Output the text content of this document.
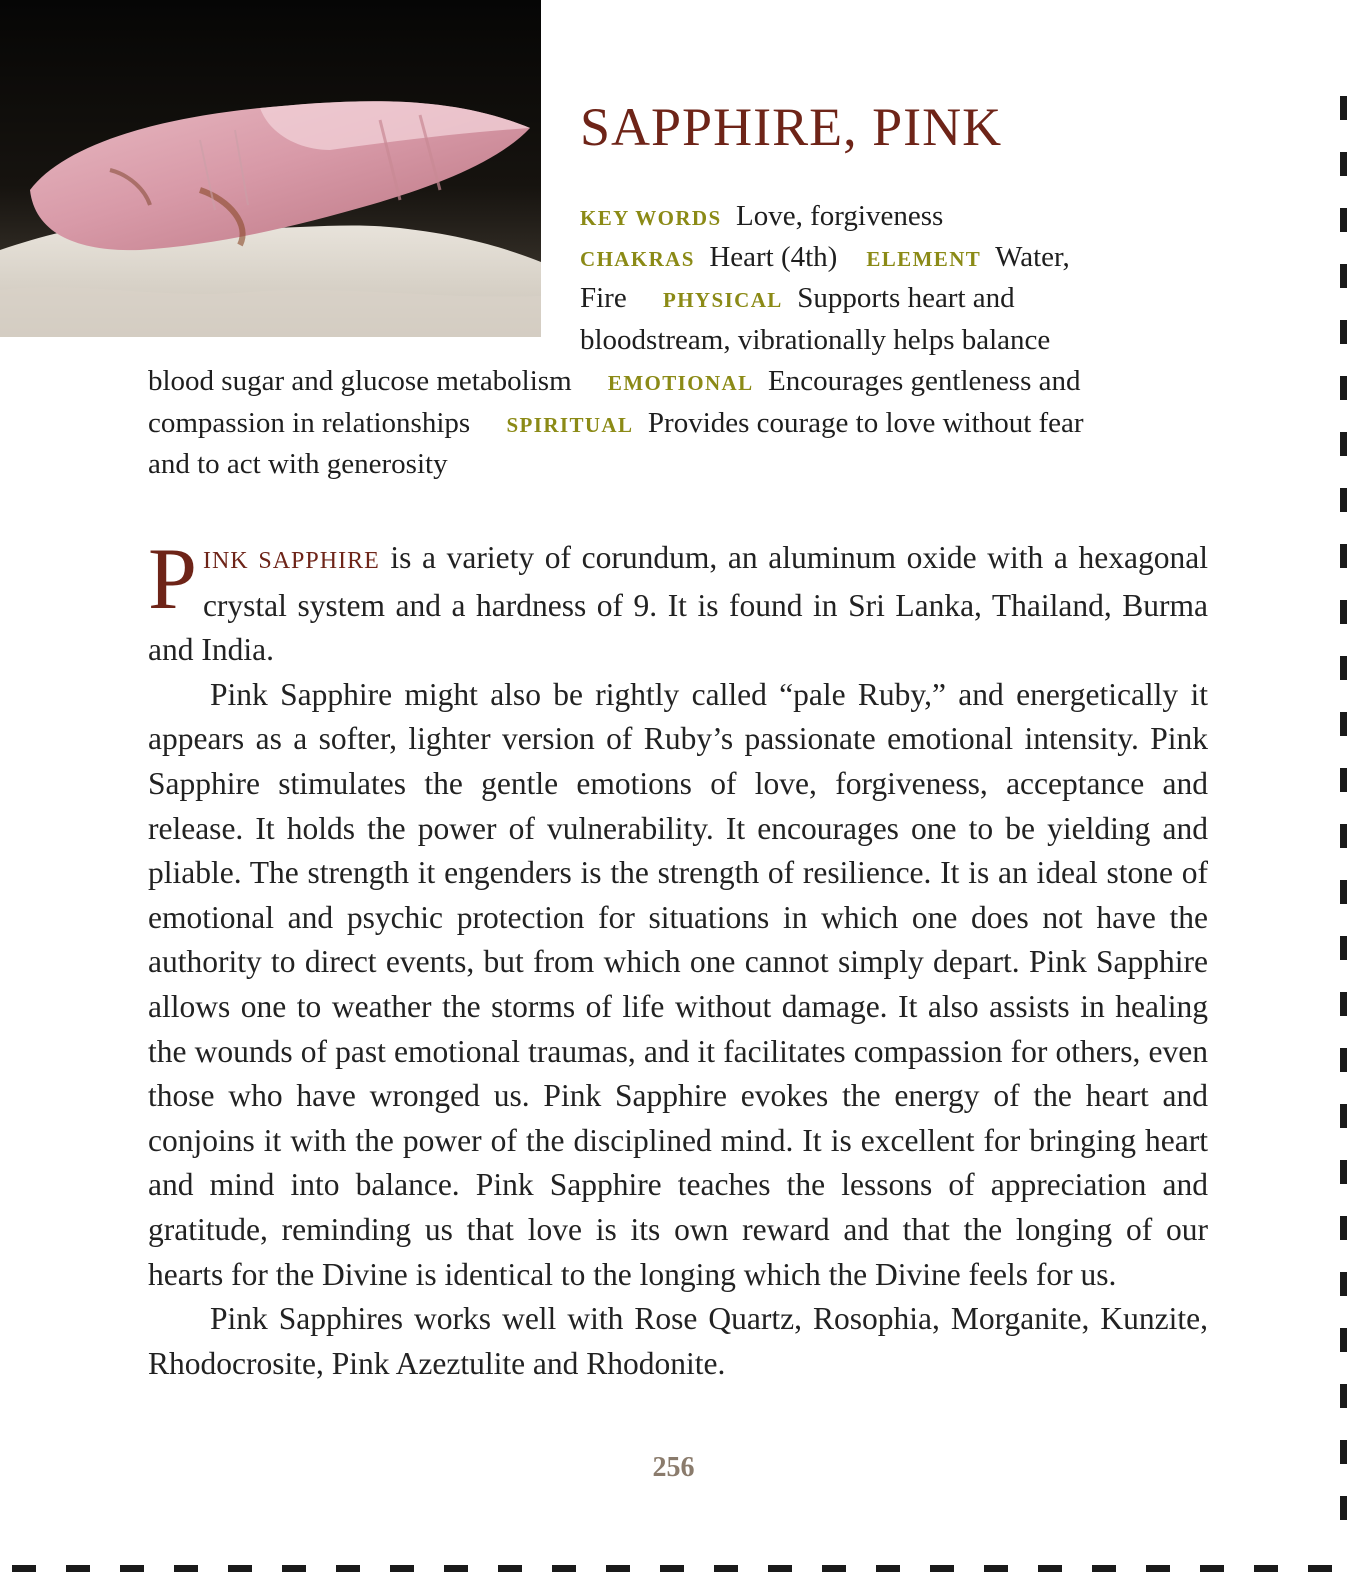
SAPPHIRE, PINK
KEY WORDS Love, forgiveness
CHAKRAS Heart (4th) ELEMENT Water,
Fire PHYSICAL Supports heart and
bloodstream, vibrationally helps balance
blood sugar and glucose metabolism EMOTIONAL Encourages gentleness and
compassion in relationships SPIRITUAL Provides courage to love without fear
and to act with generosity

PINK SAPPHIRE is a variety of corundum, an aluminum oxide with a hexagonal crystal system and a hardness of 9. It is found in Sri Lanka, Thailand, Burma and India.

Pink Sapphire might also be rightly called “pale Ruby,” and energetically it appears as a softer, lighter version of Ruby’s passionate emotional intensity. Pink Sapphire stimulates the gentle emotions of love, forgiveness, acceptance and release. It holds the power of vulnerability. It encourages one to be yielding and pliable. The strength it engenders is the strength of resilience. It is an ideal stone of emotional and psychic protection for situations in which one does not have the authority to direct events, but from which one cannot simply depart. Pink Sapphire allows one to weather the storms of life without damage. It also assists in healing the wounds of past emotional traumas, and it facilitates compassion for others, even those who have wronged us. Pink Sapphire evokes the energy of the heart and conjoins it with the power of the disciplined mind. It is excellent for bringing heart and mind into balance. Pink Sapphire teaches the lessons of appreciation and gratitude, reminding us that love is its own reward and that the longing of our hearts for the Divine is identical to the longing which the Divine feels for us.

Pink Sapphires works well with Rose Quartz, Rosophia, Morganite, Kunzite, Rhodocrosite, Pink Azeztulite and Rhodonite.

256
